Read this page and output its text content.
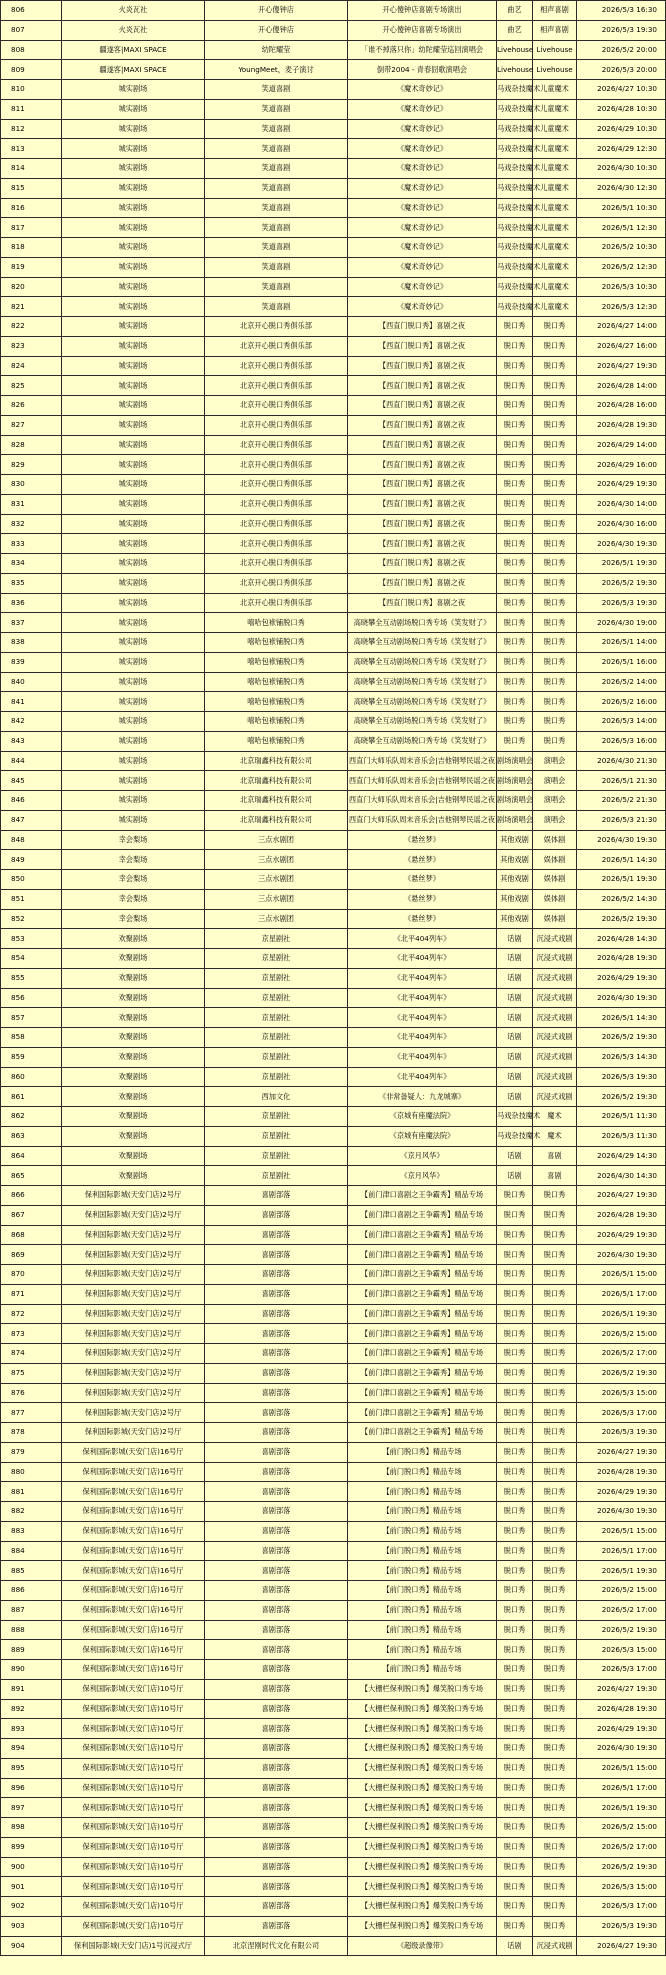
806	火炎瓦社	开心傻钟店	开心傻钟店喜剧专场演出	曲艺	相声喜剧	2026/5/3 16:30
807	火炎瓦社	开心傻钟店	开心傻钟店喜剧专场演出	曲艺	相声喜剧	2026/5/3 19:30
808	疆遂客|MAXI SPACE	幼陀耀莹	「谁不掉落只你」幼陀耀莹巡回演唱会	Livehouse	Livehouse	2026/5/2 20:00
809	疆遂客|MAXI SPACE	YoungMeet，麦子演讨	倒带2004 - 青春囧歌演唱会	Livehouse	Livehouse	2026/5/3 20:00
810	城实剧场	笑道喜剧	《魔术奇妙记》	马戏杂技魔术	儿童魔术	2026/4/27 10:30
811	城实剧场	笑道喜剧	《魔术奇妙记》	马戏杂技魔术	儿童魔术	2026/4/28 10:30
812	城实剧场	笑道喜剧	《魔术奇妙记》	马戏杂技魔术	儿童魔术	2026/4/29 10:30
813	城实剧场	笑道喜剧	《魔术奇妙记》	马戏杂技魔术	儿童魔术	2026/4/29 12:30
814	城实剧场	笑道喜剧	《魔术奇妙记》	马戏杂技魔术	儿童魔术	2026/4/30 10:30
815	城实剧场	笑道喜剧	《魔术奇妙记》	马戏杂技魔术	儿童魔术	2026/4/30 12:30
816	城实剧场	笑道喜剧	《魔术奇妙记》	马戏杂技魔术	儿童魔术	2026/5/1 10:30
817	城实剧场	笑道喜剧	《魔术奇妙记》	马戏杂技魔术	儿童魔术	2026/5/1 12:30
818	城实剧场	笑道喜剧	《魔术奇妙记》	马戏杂技魔术	儿童魔术	2026/5/2 10:30
819	城实剧场	笑道喜剧	《魔术奇妙记》	马戏杂技魔术	儿童魔术	2026/5/2 12:30
820	城实剧场	笑道喜剧	《魔术奇妙记》	马戏杂技魔术	儿童魔术	2026/5/3 10:30
821	城实剧场	笑道喜剧	《魔术奇妙记》	马戏杂技魔术	儿童魔术	2026/5/3 12:30
822	城实剧场	北京开心脱口秀俱乐部	【西直门脱口秀】喜剧之夜	脱口秀	脱口秀	2026/4/27 14:00
823	城实剧场	北京开心脱口秀俱乐部	【西直门脱口秀】喜剧之夜	脱口秀	脱口秀	2026/4/27 16:00
824	城实剧场	北京开心脱口秀俱乐部	【西直门脱口秀】喜剧之夜	脱口秀	脱口秀	2026/4/27 19:30
825	城实剧场	北京开心脱口秀俱乐部	【西直门脱口秀】喜剧之夜	脱口秀	脱口秀	2026/4/28 14:00
826	城实剧场	北京开心脱口秀俱乐部	【西直门脱口秀】喜剧之夜	脱口秀	脱口秀	2026/4/28 16:00
827	城实剧场	北京开心脱口秀俱乐部	【西直门脱口秀】喜剧之夜	脱口秀	脱口秀	2026/4/28 19:30
828	城实剧场	北京开心脱口秀俱乐部	【西直门脱口秀】喜剧之夜	脱口秀	脱口秀	2026/4/29 14:00
829	城实剧场	北京开心脱口秀俱乐部	【西直门脱口秀】喜剧之夜	脱口秀	脱口秀	2026/4/29 16:00
830	城实剧场	北京开心脱口秀俱乐部	【西直门脱口秀】喜剧之夜	脱口秀	脱口秀	2026/4/29 19:30
831	城实剧场	北京开心脱口秀俱乐部	【西直门脱口秀】喜剧之夜	脱口秀	脱口秀	2026/4/30 14:00
832	城实剧场	北京开心脱口秀俱乐部	【西直门脱口秀】喜剧之夜	脱口秀	脱口秀	2026/4/30 16:00
833	城实剧场	北京开心脱口秀俱乐部	【西直门脱口秀】喜剧之夜	脱口秀	脱口秀	2026/4/30 19:30
834	城实剧场	北京开心脱口秀俱乐部	【西直门脱口秀】喜剧之夜	脱口秀	脱口秀	2026/5/1 19:30
835	城实剧场	北京开心脱口秀俱乐部	【西直门脱口秀】喜剧之夜	脱口秀	脱口秀	2026/5/2 19:30
836	城实剧场	北京开心脱口秀俱乐部	【西直门脱口秀】喜剧之夜	脱口秀	脱口秀	2026/5/3 19:30
837	城实剧场	嘻哈包袱铺脱口秀	高晓攀全互动剧场脱口秀专场《笑发财了》	脱口秀	脱口秀	2026/4/30 19:00
838	城实剧场	嘻哈包袱铺脱口秀	高晓攀全互动剧场脱口秀专场《笑发财了》	脱口秀	脱口秀	2026/5/1 14:00
839	城实剧场	嘻哈包袱铺脱口秀	高晓攀全互动剧场脱口秀专场《笑发财了》	脱口秀	脱口秀	2026/5/1 16:00
840	城实剧场	嘻哈包袱铺脱口秀	高晓攀全互动剧场脱口秀专场《笑发财了》	脱口秀	脱口秀	2026/5/2 14:00
841	城实剧场	嘻哈包袱铺脱口秀	高晓攀全互动剧场脱口秀专场《笑发财了》	脱口秀	脱口秀	2026/5/2 16:00
842	城实剧场	嘻哈包袱铺脱口秀	高晓攀全互动剧场脱口秀专场《笑发财了》	脱口秀	脱口秀	2026/5/3 14:00
843	城实剧场	嘻哈包袱铺脱口秀	高晓攀全互动剧场脱口秀专场《笑发财了》	脱口秀	脱口秀	2026/5/3 16:00
844	城实剧场	北京瑞鑫科技有限公司	西直门大师乐队周末音乐会|吉他钢琴民谣之夜	剧场演唱会	演唱会	2026/4/30 21:30
845	城实剧场	北京瑞鑫科技有限公司	西直门大师乐队周末音乐会|吉他钢琴民谣之夜	剧场演唱会	演唱会	2026/5/1 21:30
846	城实剧场	北京瑞鑫科技有限公司	西直门大师乐队周末音乐会|吉他钢琴民谣之夜	剧场演唱会	演唱会	2026/5/2 21:30
847	城实剧场	北京瑞鑫科技有限公司	西直门大师乐队周末音乐会|吉他钢琴民谣之夜	剧场演唱会	演唱会	2026/5/3 21:30
848	幸会梨场	三点水剧团	《悬丝梦》	其他戏剧	娱体剧	2026/4/30 19:30
849	幸会梨场	三点水剧团	《悬丝梦》	其他戏剧	娱体剧	2026/5/1 14:30
850	幸会梨场	三点水剧团	《悬丝梦》	其他戏剧	娱体剧	2026/5/1 19:30
851	幸会梨场	三点水剧团	《悬丝梦》	其他戏剧	娱体剧	2026/5/2 14:30
852	幸会梨场	三点水剧团	《悬丝梦》	其他戏剧	娱体剧	2026/5/2 19:30
853	欢聚剧场	京星剧社	《北平404列车》	话剧	沉浸式戏剧	2026/4/28 14:30
854	欢聚剧场	京星剧社	《北平404列车》	话剧	沉浸式戏剧	2026/4/28 19:30
855	欢聚剧场	京星剧社	《北平404列车》	话剧	沉浸式戏剧	2026/4/29 19:30
856	欢聚剧场	京星剧社	《北平404列车》	话剧	沉浸式戏剧	2026/4/30 19:30
857	欢聚剧场	京星剧社	《北平404列车》	话剧	沉浸式戏剧	2026/5/1 14:30
858	欢聚剧场	京星剧社	《北平404列车》	话剧	沉浸式戏剧	2026/5/2 19:30
859	欢聚剧场	京星剧社	《北平404列车》	话剧	沉浸式戏剧	2026/5/3 14:30
860	欢聚剧场	京星剧社	《北平404列车》	话剧	沉浸式戏剧	2026/5/3 19:30
861	欢聚剧场	西加文化	《非常备疑人：九龙城寨》	话剧	沉浸式戏剧	2026/5/2 19:30
862	欢聚剧场	京星剧社	《京城有座魔法院》	马戏杂技魔术	魔术	2026/5/1 11:30
863	欢聚剧场	京星剧社	《京城有座魔法院》	马戏杂技魔术	魔术	2026/5/3 11:30
864	欢聚剧场	京星剧社	《京月风华》	话剧	喜剧	2026/4/29 14:30
865	欢聚剧场	京星剧社	《京月风华》	话剧	喜剧	2026/4/30 14:30
866	保利国际影城(天安门店)2号厅	喜剧部落	【前门津口喜剧之王争霸秀】精品专场	脱口秀	脱口秀	2026/4/27 19:30
867	保利国际影城(天安门店)2号厅	喜剧部落	【前门津口喜剧之王争霸秀】精品专场	脱口秀	脱口秀	2026/4/28 19:30
868	保利国际影城(天安门店)2号厅	喜剧部落	【前门津口喜剧之王争霸秀】精品专场	脱口秀	脱口秀	2026/4/29 19:30
869	保利国际影城(天安门店)2号厅	喜剧部落	【前门津口喜剧之王争霸秀】精品专场	脱口秀	脱口秀	2026/4/30 19:30
870	保利国际影城(天安门店)2号厅	喜剧部落	【前门津口喜剧之王争霸秀】精品专场	脱口秀	脱口秀	2026/5/1 15:00
871	保利国际影城(天安门店)2号厅	喜剧部落	【前门津口喜剧之王争霸秀】精品专场	脱口秀	脱口秀	2026/5/1 17:00
872	保利国际影城(天安门店)2号厅	喜剧部落	【前门津口喜剧之王争霸秀】精品专场	脱口秀	脱口秀	2026/5/1 19:30
873	保利国际影城(天安门店)2号厅	喜剧部落	【前门津口喜剧之王争霸秀】精品专场	脱口秀	脱口秀	2026/5/2 15:00
874	保利国际影城(天安门店)2号厅	喜剧部落	【前门津口喜剧之王争霸秀】精品专场	脱口秀	脱口秀	2026/5/2 17:00
875	保利国际影城(天安门店)2号厅	喜剧部落	【前门津口喜剧之王争霸秀】精品专场	脱口秀	脱口秀	2026/5/2 19:30
876	保利国际影城(天安门店)2号厅	喜剧部落	【前门津口喜剧之王争霸秀】精品专场	脱口秀	脱口秀	2026/5/3 15:00
877	保利国际影城(天安门店)2号厅	喜剧部落	【前门津口喜剧之王争霸秀】精品专场	脱口秀	脱口秀	2026/5/3 17:00
878	保利国际影城(天安门店)2号厅	喜剧部落	【前门津口喜剧之王争霸秀】精品专场	脱口秀	脱口秀	2026/5/3 19:30
879	保利国际影城(天安门店)16号厅	喜剧部落	【前门脱口秀】精品专场	脱口秀	脱口秀	2026/4/27 19:30
880	保利国际影城(天安门店)16号厅	喜剧部落	【前门脱口秀】精品专场	脱口秀	脱口秀	2026/4/28 19:30
881	保利国际影城(天安门店)16号厅	喜剧部落	【前门脱口秀】精品专场	脱口秀	脱口秀	2026/4/29 19:30
882	保利国际影城(天安门店)16号厅	喜剧部落	【前门脱口秀】精品专场	脱口秀	脱口秀	2026/4/30 19:30
883	保利国际影城(天安门店)16号厅	喜剧部落	【前门脱口秀】精品专场	脱口秀	脱口秀	2026/5/1 15:00
884	保利国际影城(天安门店)16号厅	喜剧部落	【前门脱口秀】精品专场	脱口秀	脱口秀	2026/5/1 17:00
885	保利国际影城(天安门店)16号厅	喜剧部落	【前门脱口秀】精品专场	脱口秀	脱口秀	2026/5/1 19:30
886	保利国际影城(天安门店)16号厅	喜剧部落	【前门脱口秀】精品专场	脱口秀	脱口秀	2026/5/2 15:00
887	保利国际影城(天安门店)16号厅	喜剧部落	【前门脱口秀】精品专场	脱口秀	脱口秀	2026/5/2 17:00
888	保利国际影城(天安门店)16号厅	喜剧部落	【前门脱口秀】精品专场	脱口秀	脱口秀	2026/5/2 19:30
889	保利国际影城(天安门店)16号厅	喜剧部落	【前门脱口秀】精品专场	脱口秀	脱口秀	2026/5/3 15:00
890	保利国际影城(天安门店)16号厅	喜剧部落	【前门脱口秀】精品专场	脱口秀	脱口秀	2026/5/3 17:00
891	保利国际影城(天安门店)10号厅	喜剧部落	【大栅栏保利脱口秀】爆笑脱口秀专场	脱口秀	脱口秀	2026/4/27 19:30
892	保利国际影城(天安门店)10号厅	喜剧部落	【大栅栏保利脱口秀】爆笑脱口秀专场	脱口秀	脱口秀	2026/4/28 19:30
893	保利国际影城(天安门店)10号厅	喜剧部落	【大栅栏保利脱口秀】爆笑脱口秀专场	脱口秀	脱口秀	2026/4/29 19:30
894	保利国际影城(天安门店)10号厅	喜剧部落	【大栅栏保利脱口秀】爆笑脱口秀专场	脱口秀	脱口秀	2026/4/30 19:30
895	保利国际影城(天安门店)10号厅	喜剧部落	【大栅栏保利脱口秀】爆笑脱口秀专场	脱口秀	脱口秀	2026/5/1 15:00
896	保利国际影城(天安门店)10号厅	喜剧部落	【大栅栏保利脱口秀】爆笑脱口秀专场	脱口秀	脱口秀	2026/5/1 17:00
897	保利国际影城(天安门店)10号厅	喜剧部落	【大栅栏保利脱口秀】爆笑脱口秀专场	脱口秀	脱口秀	2026/5/1 19:30
898	保利国际影城(天安门店)10号厅	喜剧部落	【大栅栏保利脱口秀】爆笑脱口秀专场	脱口秀	脱口秀	2026/5/2 15:00
899	保利国际影城(天安门店)10号厅	喜剧部落	【大栅栏保利脱口秀】爆笑脱口秀专场	脱口秀	脱口秀	2026/5/2 17:00
900	保利国际影城(天安门店)10号厅	喜剧部落	【大栅栏保利脱口秀】爆笑脱口秀专场	脱口秀	脱口秀	2026/5/2 19:30
901	保利国际影城(天安门店)10号厅	喜剧部落	【大栅栏保利脱口秀】爆笑脱口秀专场	脱口秀	脱口秀	2026/5/3 15:00
902	保利国际影城(天安门店)10号厅	喜剧部落	【大栅栏保利脱口秀】爆笑脱口秀专场	脱口秀	脱口秀	2026/5/3 17:00
903	保利国际影城(天安门店)10号厅	喜剧部落	【大栅栏保利脱口秀】爆笑脱口秀专场	脱口秀	脱口秀	2026/5/3 19:30
904	保利国际影城(天安门店)1号沉浸式厅	北京涅刚时代文化有限公司	《超级录像带》	话剧	沉浸式戏剧	2026/4/27 19:30
